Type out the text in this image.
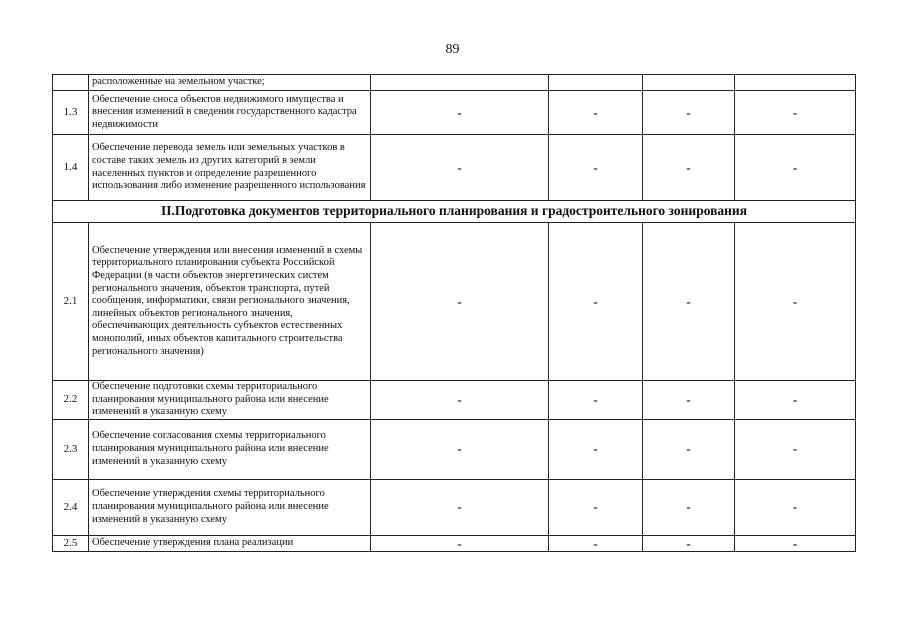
89
	расположенные на земельном участке;				
1.3	Обеспечение сноса объектов недвижимого имущества и внесения изменений в сведения государственного кадастра недвижимости	-	-	-	-
1.4	Обеспечение перевода земель или земельных участков в составе таких земель из других категорий в земли населенных пунктов и определение разрешенного использования либо изменение разрешенного использования	-	-	-	-
II.Подготовка документов территориального планирования и градостроительного зонирования					
2.1	Обеспечение утверждения или внесения изменений в схемы территориального планирования субъекта Российской Федерации (в части объектов энергетических систем регионального значения, объектов транспорта, путей сообщения, информатики, связи регионального значения, линейных объектов регионального значения, обеспечивающих деятельность субъектов естественных монополий, иных объектов капитального строительства регионального значения)	-	-	-	-
2.2	Обеспечение подготовки схемы территориального планирования муниципального района или внесение изменений в указанную схему	-	-	-	-
2.3	Обеспечение согласования схемы территориального планирования муниципального района или внесение изменений в указанную схему	-	-	-	-
2.4	Обеспечение утверждения схемы территориального планирования муниципального района или внесение изменений в указанную схему	-	-	-	-
2.5	Обеспечение утверждения плана реализации	-	-	-	-
